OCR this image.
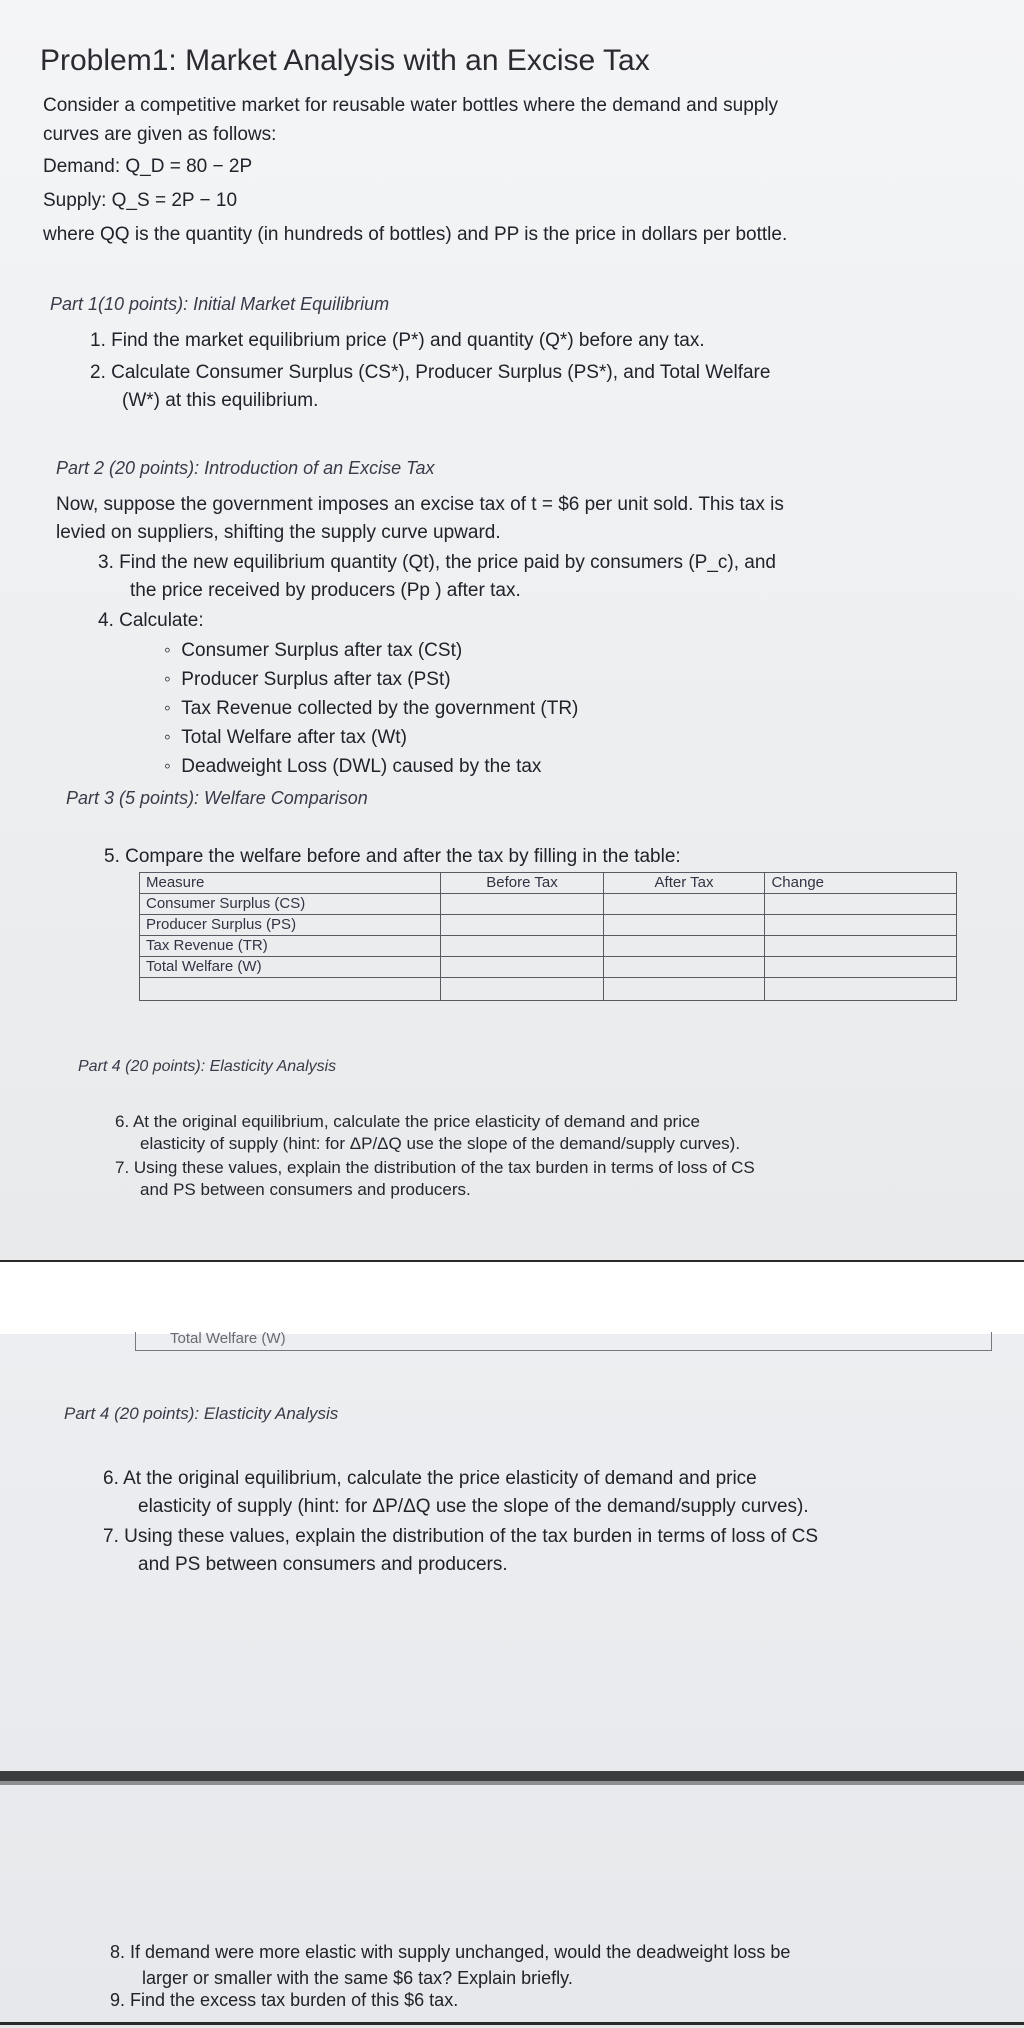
Problem1: Market Analysis with an Excise Tax

Consider a competitive market for reusable water bottles where the demand and supply

curves are given as follows:

Demand: Q_D = 80 − 2P

Supply: Q_S = 2P − 10

where QQ is the quantity (in hundreds of bottles) and PP is the price in dollars per bottle.

Part 1(10 points): Initial Market Equilibrium

1. Find the market equilibrium price (P*) and quantity (Q*) before any tax.

2. Calculate Consumer Surplus (CS*), Producer Surplus (PS*), and Total Welfare

(W*) at this equilibrium.

Part 2 (20 points): Introduction of an Excise Tax

Now, suppose the government imposes an excise tax of t = $6 per unit sold. This tax is

levied on suppliers, shifting the supply curve upward.

3. Find the new equilibrium quantity (Qt), the price paid by consumers (P_c), and

the price received by producers (Pp ) after tax.

4. Calculate:

◦  Consumer Surplus after tax (CSt)

◦  Producer Surplus after tax (PSt)

◦  Tax Revenue collected by the government (TR)

◦  Total Welfare after tax (Wt)

◦  Deadweight Loss (DWL) caused by the tax

Part 3 (5 points): Welfare Comparison

5. Compare the welfare before and after the tax by filling in the table:

Measure	Before Tax	After Tax	Change
Consumer Surplus (CS)			
Producer Surplus (PS)			
Tax Revenue (TR)			
Total Welfare (W)			

Part 4 (20 points): Elasticity Analysis

6. At the original equilibrium, calculate the price elasticity of demand and price

elasticity of supply (hint: for ΔP/ΔQ use the slope of the demand/supply curves).

7. Using these values, explain the distribution of the tax burden in terms of loss of CS

and PS between consumers and producers.

Part 4 (20 points): Elasticity Analysis

6. At the original equilibrium, calculate the price elasticity of demand and price

elasticity of supply (hint: for ΔP/ΔQ use the slope of the demand/supply curves).

7. Using these values, explain the distribution of the tax burden in terms of loss of CS

and PS between consumers and producers.

8. If demand were more elastic with supply unchanged, would the deadweight loss be

larger or smaller with the same $6 tax? Explain briefly.

9. Find the excess tax burden of this $6 tax.

Total Welfare (W)
